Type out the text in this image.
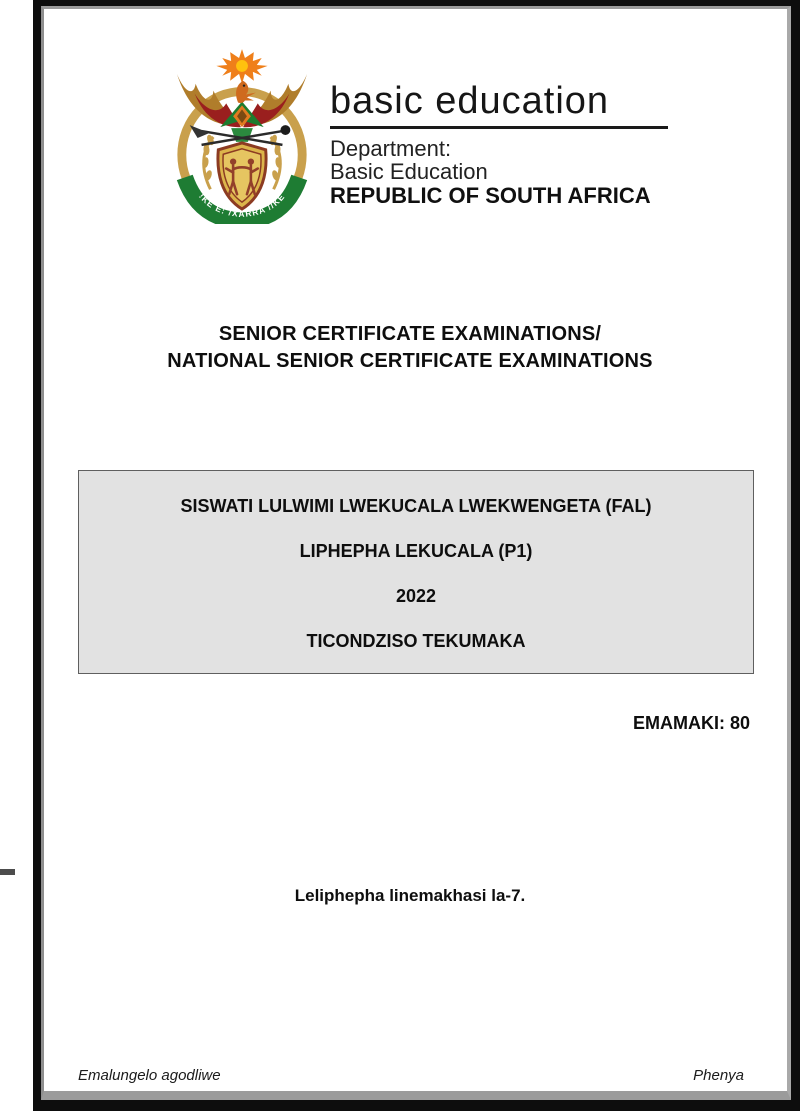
!KE E: /XARRA //KE
basic education
Department:
Basic Education
REPUBLIC OF SOUTH AFRICA
SENIOR CERTIFICATE EXAMINATIONS/
NATIONAL SENIOR CERTIFICATE EXAMINATIONS
SISWATI LULWIMI LWEKUCALA LWEKWENGETA (FAL)
LIPHEPHA LEKUCALA (P1)
2022
TICONDZISO TEKUMAKA
EMAMAKI: 80
Leliphepha linemakhasi la-7.
Emalungelo agodliwe	Phenya
